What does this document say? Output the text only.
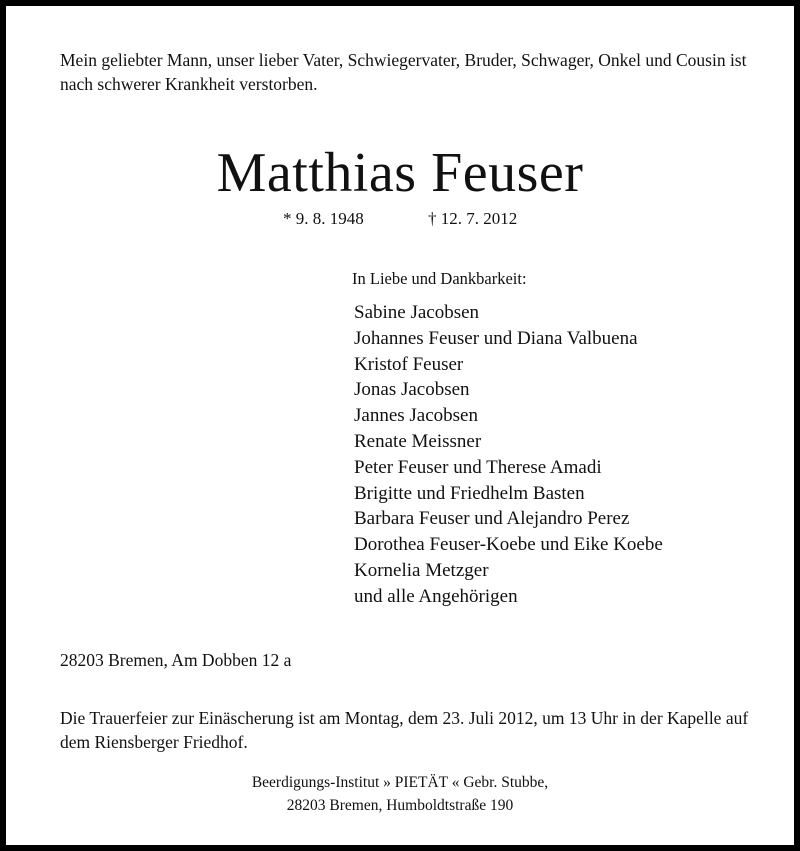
Mein geliebter Mann, unser lieber Vater, Schwiegervater, Bruder, Schwager, Onkel und Cousin ist nach schwerer Krankheit verstorben.
Matthias Feuser
* 9. 8. 1948	† 12. 7. 2012
In Liebe und Dankbarkeit:
Sabine Jacobsen
Johannes Feuser und Diana Valbuena
Kristof Feuser
Jonas Jacobsen
Jannes Jacobsen
Renate Meissner
Peter Feuser und Therese Amadi
Brigitte und Friedhelm Basten
Barbara Feuser und Alejandro Perez
Dorothea Feuser-Koebe und Eike Koebe
Kornelia Metzger
und alle Angehörigen
28203 Bremen, Am Dobben 12 a
Die Trauerfeier zur Einäscherung ist am Montag, dem 23. Juli 2012, um 13 Uhr in der Kapelle auf dem Riensberger Friedhof.
Beerdigungs-Institut » PIETÄT « Gebr. Stubbe,
28203 Bremen, Humboldtstraße 190
